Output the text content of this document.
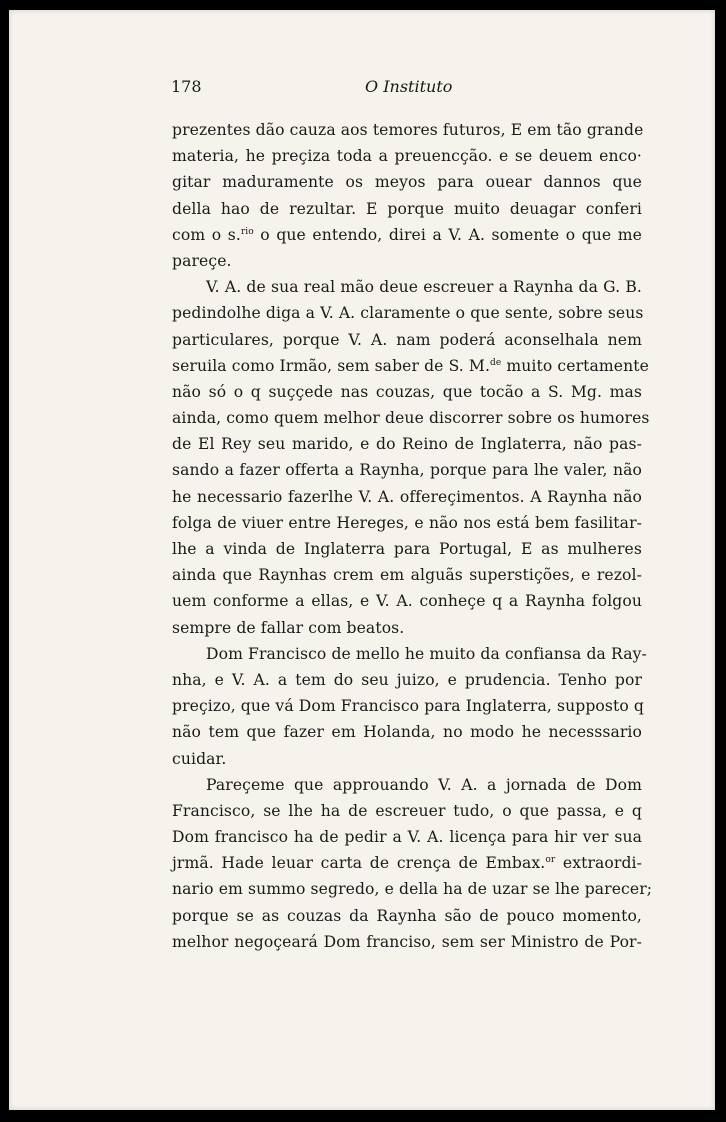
178	O Instituto
prezentes dão cauza aos temores futuros, E em tão grande
materia, he preçiza toda a preuencção. e se deuem enco·
gitar maduramente os meyos para ouear dannos que
della hao de rezultar. E porque muito deuagar conferi
com o s.$^{rio}$ o que entendo, direi a V. A. somente o que me
pareçe.
V. A. de sua real mão deue escreuer a Raynha da G. B.
pedindolhe diga a V. A. claramente o que sente, sobre seus
particulares, porque V. A. nam poderá aconselhala nem
seruila como Irmão, sem saber de S. M.$^{de}$ muito certamente
não só o q suççede nas couzas, que tocão a S. Mg. mas
ainda, como quem melhor deue discorrer sobre os humores
de El Rey seu marido, e do Reino de Inglaterra, não pas-
sando a fazer offerta a Raynha, porque para lhe valer, não
he necessario fazerlhe V. A. offereçimentos. A Raynha não
folga de viuer entre Hereges, e não nos está bem fasilitar-
lhe a vinda de Inglaterra para Portugal, E as mulheres
ainda que Raynhas crem em alguãs superstições, e rezol-
uem conforme a ellas, e V. A. conheçe q a Raynha folgou
sempre de fallar com beatos.
Dom Francisco de mello he muito da confiansa da Ray-
nha, e V. A. a tem do seu juizo, e prudencia. Tenho por
preçizo, que vá Dom Francisco para Inglaterra, supposto q
não tem que fazer em Holanda, no modo he necesssario
cuidar.
Pareçeme que approuando V. A. a jornada de Dom
Francisco, se lhe ha de escreuer tudo, o que passa, e q
Dom francisco ha de pedir a V. A. licença para hir ver sua
jrmã. Hade leuar carta de crença de Embax.$^{or}$ extraordi-
nario em summo segredo, e della ha de uzar se lhe parecer;
porque se as couzas da Raynha são de pouco momento,
melhor negoçeará Dom franciso, sem ser Ministro de Por-
